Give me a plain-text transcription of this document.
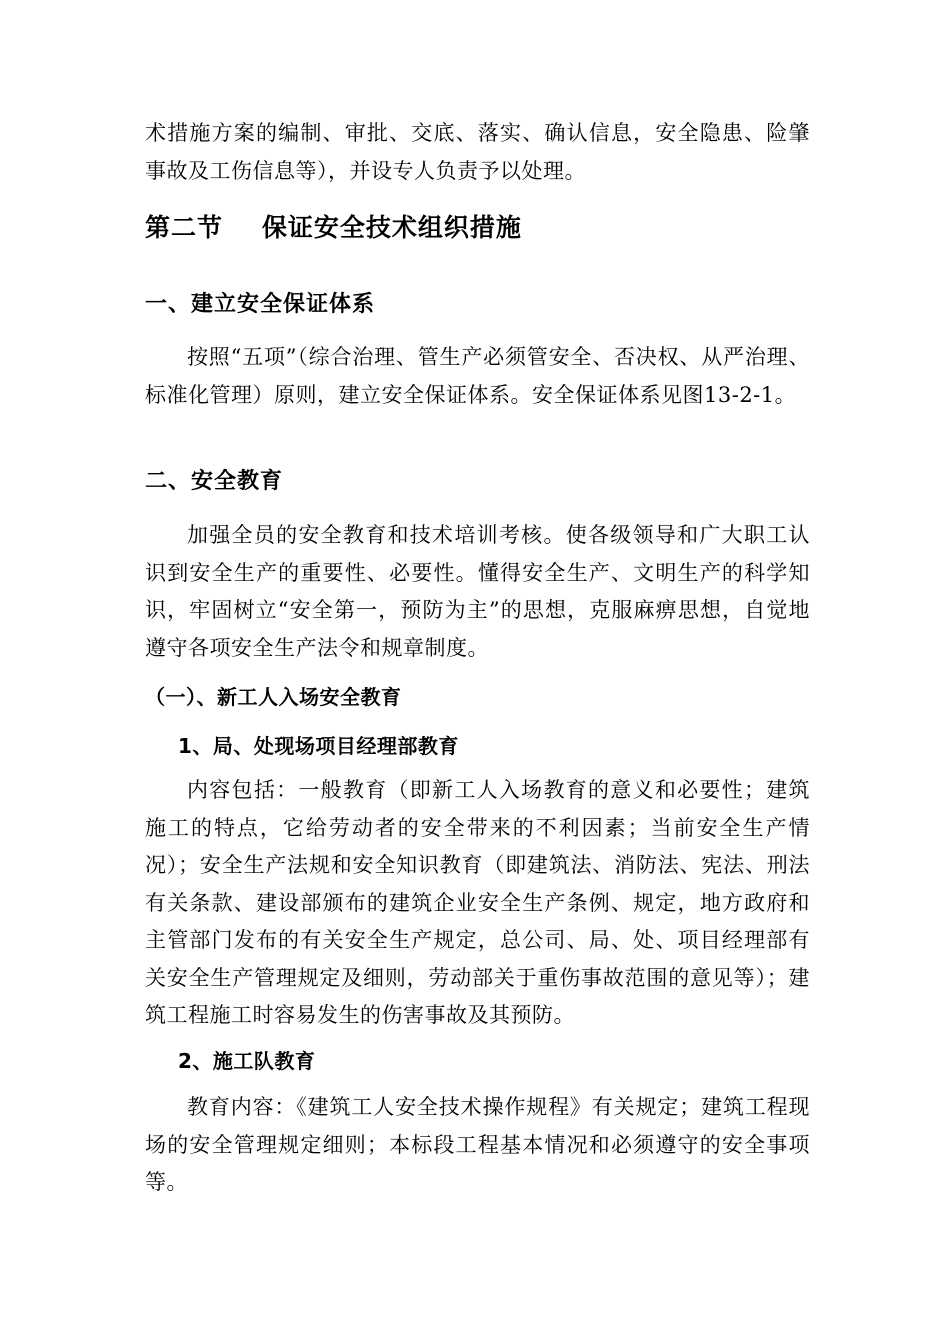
术措施方案的编制、审批、交底、落实、确认信息，安全隐患、险肇事故及工伤信息等），并设专人负责予以处理。

第二节    保证安全技术组织措施
一、建立安全保证体系

按照“五项”（综合治理、管生产必须管安全、否决权、从严治理、标准化管理）原则，建立安全保证体系。安全保证体系见图13-2-1。

二、安全教育

加强全员的安全教育和技术培训考核。使各级领导和广大职工认识到安全生产的重要性、必要性。懂得安全生产、文明生产的科学知识，牢固树立“安全第一，预防为主”的思想，克服麻痹思想，自觉地遵守各项安全生产法令和规章制度。

（一）、新工人入场安全教育
1、局、处现场项目经理部教育

内容包括：一般教育（即新工人入场教育的意义和必要性；建筑施工的特点，它给劳动者的安全带来的不利因素；当前安全生产情况）；安全生产法规和安全知识教育（即建筑法、消防法、宪法、刑法有关条款、建设部颁布的建筑企业安全生产条例、规定，地方政府和主管部门发布的有关安全生产规定，总公司、局、处、项目经理部有关安全生产管理规定及细则，劳动部关于重伤事故范围的意见等）；建筑工程施工时容易发生的伤害事故及其预防。

2、施工队教育

教育内容：《建筑工人安全技术操作规程》有关规定；建筑工程现场的安全管理规定细则；本标段工程基本情况和必须遵守的安全事项等。
